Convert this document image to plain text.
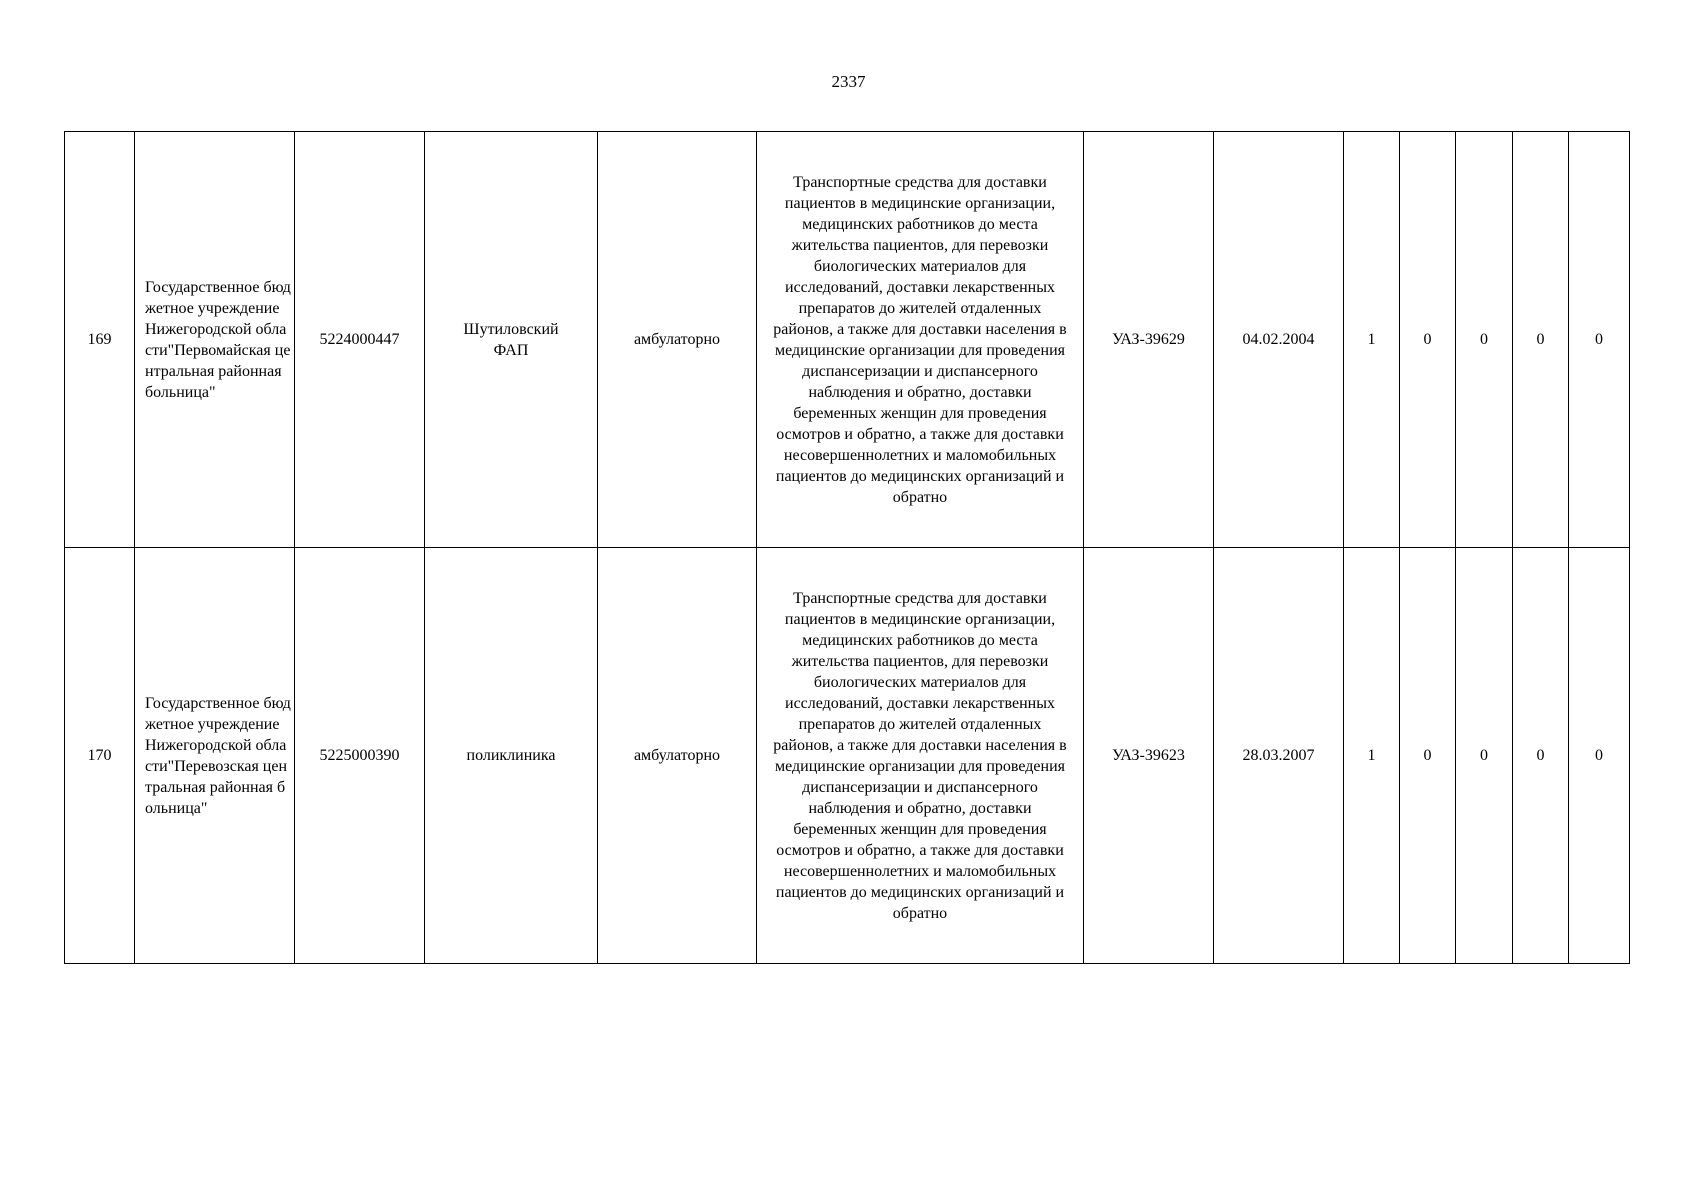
2337
169	Государственное бюджетное учреждение Нижегородской области"Первомайская центральная районная больница"	5224000447	Шутиловский ФАП	амбулаторно	Транспортные средства для доставки пациентов в медицинские организации, медицинских работников до места жительства пациентов, для перевозки биологических материалов для исследований, доставки лекарственных препаратов до жителей отдаленных районов, а также для доставки населения в медицинские организации для проведения диспансеризации и диспансерного наблюдения и обратно, доставки беременных женщин для проведения осмотров и обратно, а также для доставки несовершеннолетних и маломобильных пациентов до медицинских организаций и обратно	УАЗ-39629	04.02.2004	1	0	0	0	0
170	Государственное бюджетное учреждение Нижегородской области"Перевозская центральная районная больница"	5225000390	поликлиника	амбулаторно	Транспортные средства для доставки пациентов в медицинские организации, медицинских работников до места жительства пациентов, для перевозки биологических материалов для исследований, доставки лекарственных препаратов до жителей отдаленных районов, а также для доставки населения в медицинские организации для проведения диспансеризации и диспансерного наблюдения и обратно, доставки беременных женщин для проведения осмотров и обратно, а также для доставки несовершеннолетних и маломобильных пациентов до медицинских организаций и обратно	УАЗ-39623	28.03.2007	1	0	0	0	0
